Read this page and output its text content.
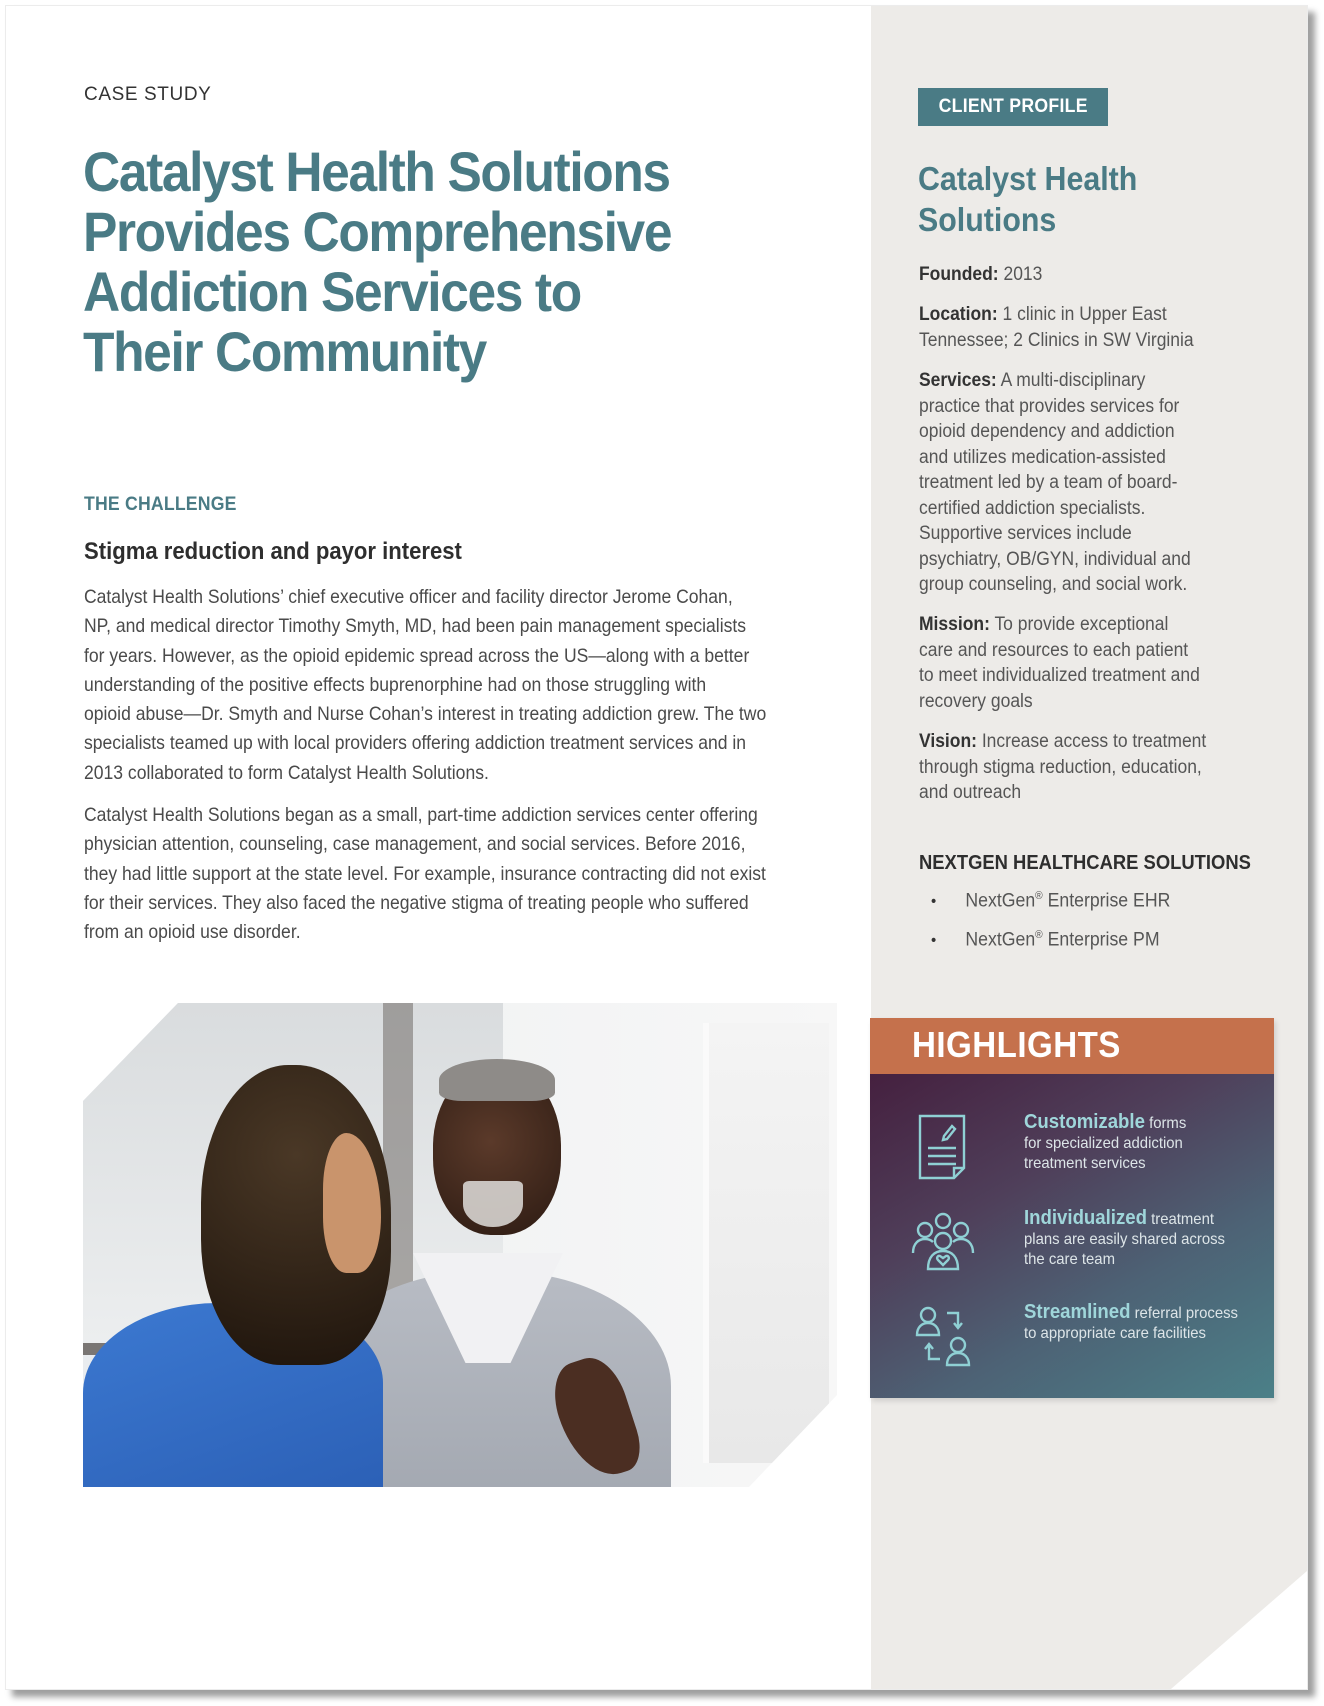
CASE STUDY
Catalyst Health Solutions
Provides Comprehensive
Addiction Services to
Their Community
THE CHALLENGE
Stigma reduction and payor interest

Catalyst Health Solutions’ chief executive officer and facility director Jerome Cohan,
NP, and medical director Timothy Smyth, MD, had been pain management specialists
for years. However, as the opioid epidemic spread across the US—along with a better
understanding of the positive effects buprenorphine had on those struggling with
opioid abuse—Dr. Smyth and Nurse Cohan’s interest in treating addiction grew. The two
specialists teamed up with local providers offering addiction treatment services and in
2013 collaborated to form Catalyst Health Solutions.

Catalyst Health Solutions began as a small, part-time addiction services center offering
physician attention, counseling, case management, and social services. Before 2016,
they had little support at the state level. For example, insurance contracting did not exist
for their services. They also faced the negative stigma of treating people who suffered
from an opioid use disorder.

CLIENT PROFILE
Catalyst Health
Solutions

Founded: 2013

Location: 1 clinic in Upper East
Tennessee; 2 Clinics in SW Virginia

Services: A multi-disciplinary
practice that provides services for
opioid dependency and addiction
and utilizes medication-assisted
treatment led by a team of board-
certified addiction specialists.
Supportive services include
psychiatry, OB/GYN, individual and
group counseling, and social work.

Mission: To provide exceptional
care and resources to each patient
to meet individualized treatment and
recovery goals

Vision: Increase access to treatment
through stigma reduction, education,
and outreach

NEXTGEN HEALTHCARE SOLUTIONS
•	NextGen® Enterprise EHR
•	NextGen® Enterprise PM
HIGHLIGHTS
Customizable forms
for specialized addiction
treatment services
Individualized treatment
plans are easily shared across
the care team
Streamlined referral process
to appropriate care facilities
